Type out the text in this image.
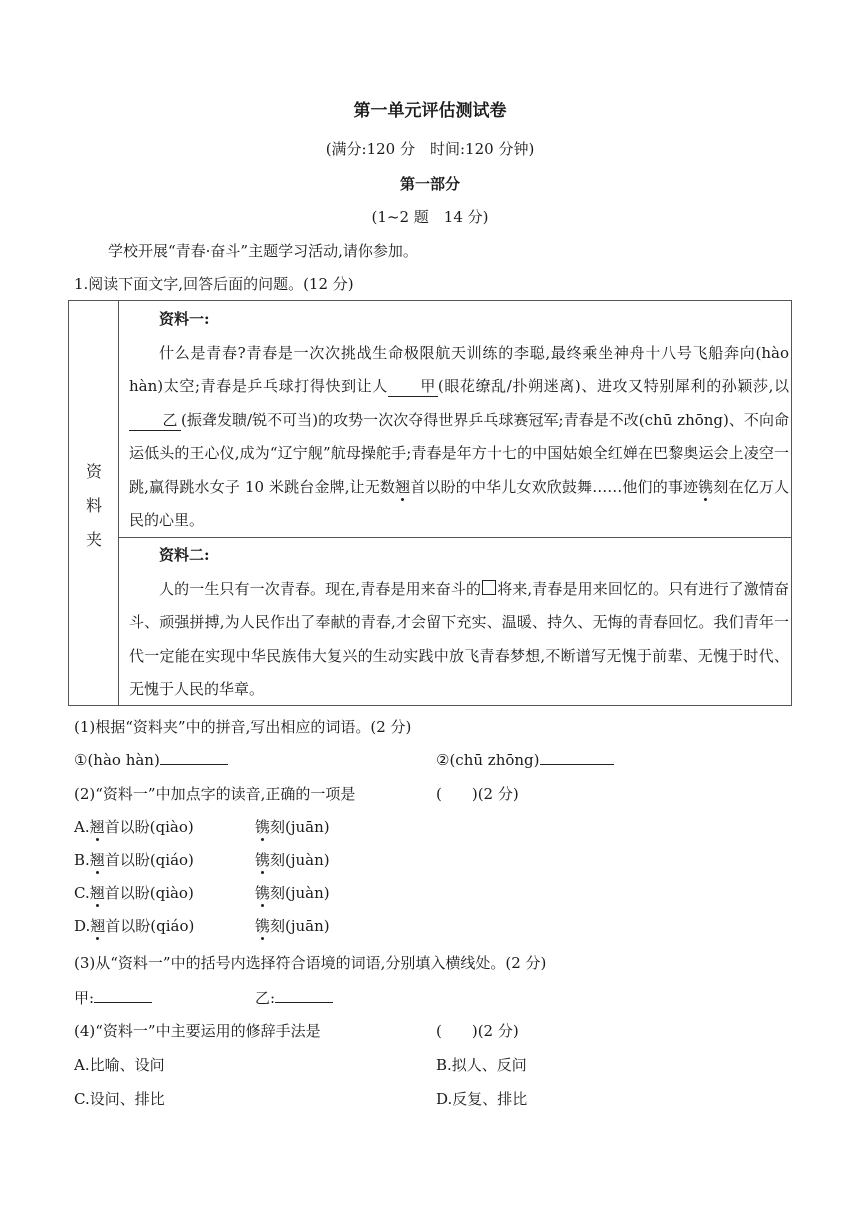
第一单元评估测试卷
(满分:120 分　时间:120 分钟)
第一部分
(1~2 题　14 分)
学校开展“青春·奋斗”主题学习活动,请你参加。
1.阅读下面文字,回答后面的问题。(12 分)
资
料
夹

资料一:

什么是青春?青春是一次次挑战生命极限航天训练的李聪,最终乘坐神舟十八号飞船奔向(hào hàn)太空;青春是乒乓球打得快到让人 甲 (眼花缭乱/扑朔迷离)、进攻又特别犀利的孙颖莎,以乙 (振聋发聩/锐不可当)的攻势一次次夺得世界乒乓球赛冠军;青春是不改(chū zhōng)、不向命运低头的王心仪,成为“辽宁舰”航母操舵手;青春是年方十七的中国姑娘全红婵在巴黎奥运会上凌空一跳,赢得跳水女子 10 米跳台金牌,让无数翘首以盼的中华儿女欢欣鼓舞……他们的事迹镌刻在亿万人民的心里。

资料二:

人的一生只有一次青春。现在,青春是用来奋斗的 将来,青春是用来回忆的。只有进行了激情奋斗、顽强拼搏,为人民作出了奉献的青春,才会留下充实、温暖、持久、无悔的青春回忆。我们青年一代一定能在实现中华民族伟大复兴的生动实践中放飞青春梦想,不断谱写无愧于前辈、无愧于时代、无愧于人民的华章。

(1)根据“资料夹”中的拼音,写出相应的词语。(2 分)
①(hào hàn)	②(chū zhōng)
(2)“资料一”中加点字的读音,正确的一项是	(　　)(2 分)
A.翘首以盼(qiào)	镌刻(juān)
B.翘首以盼(qiáo)	镌刻(juàn)
C.翘首以盼(qiào)	镌刻(juàn)
D.翘首以盼(qiáo)	镌刻(juān)
(3)从“资料一”中的括号内选择符合语境的词语,分别填入横线处。(2 分)
甲:	乙:
(4)“资料一”中主要运用的修辞手法是	(　　)(2 分)
A.比喻、设问	B.拟人、反问
C.设问、排比	D.反复、排比
